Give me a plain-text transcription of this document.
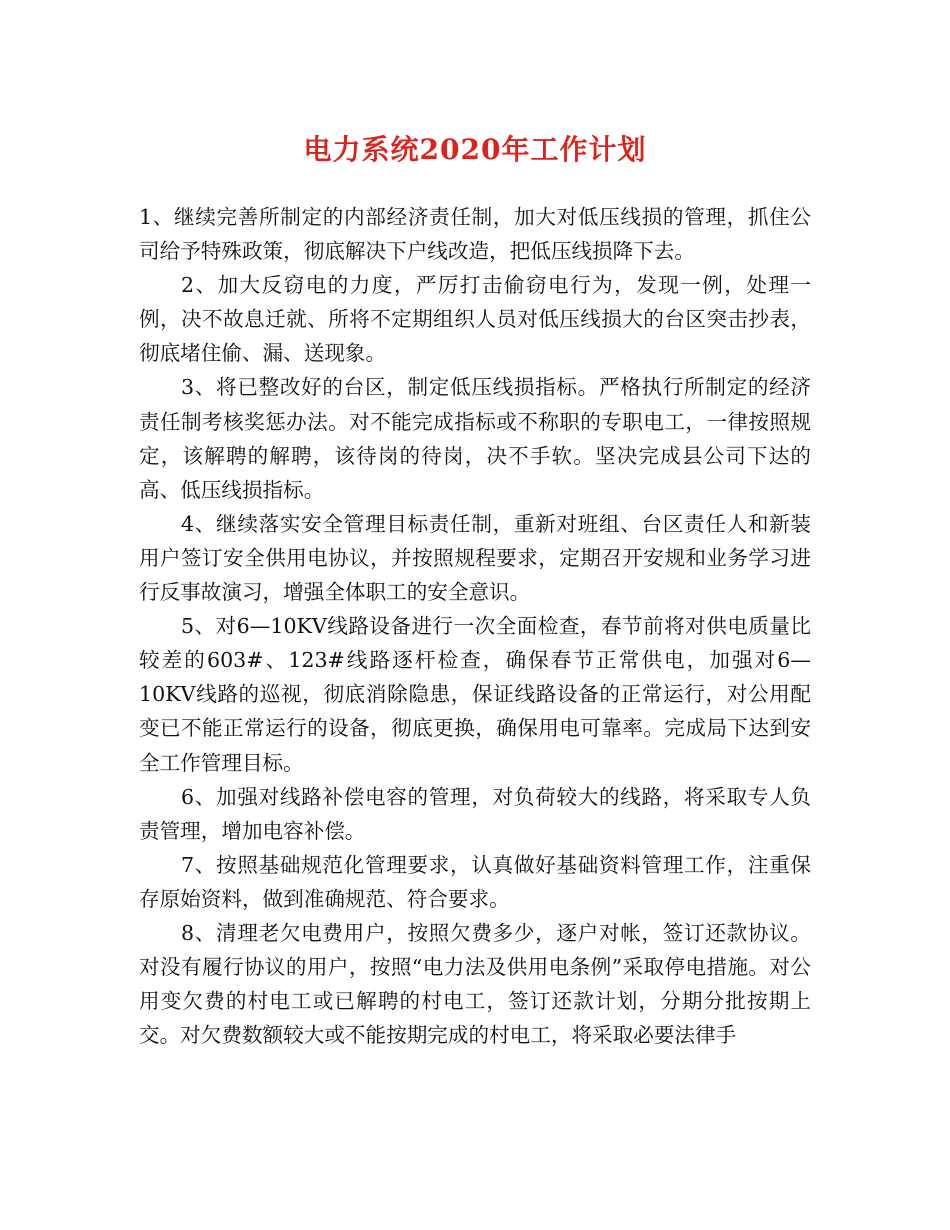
电力系统2020年工作计划

1、继续完善所制定的内部经济责任制，加大对低压线损的管理，抓住公司给予特殊政策，彻底解决下户线改造，把低压线损降下去。

2、加大反窃电的力度，严厉打击偷窃电行为，发现一例，处理一例，决不故息迁就、所将不定期组织人员对低压线损大的台区突击抄表，彻底堵住偷、漏、送现象。

3、将已整改好的台区，制定低压线损指标。严格执行所制定的经济责任制考核奖惩办法。对不能完成指标或不称职的专职电工，一律按照规定，该解聘的解聘，该待岗的待岗，决不手软。坚决完成县公司下达的高、低压线损指标。

4、继续落实安全管理目标责任制，重新对班组、台区责任人和新装用户签订安全供用电协议，并按照规程要求，定期召开安规和业务学习进行反事故演习，增强全体职工的安全意识。

5、对6—10KV线路设备进行一次全面检查，春节前将对供电质量比较差的603#、123#线路逐杆检查，确保春节正常供电，加强对6—10KV线路的巡视，彻底消除隐患，保证线路设备的正常运行，对公用配变已不能正常运行的设备，彻底更换，确保用电可靠率。完成局下达到安全工作管理目标。

6、加强对线路补偿电容的管理，对负荷较大的线路，将采取专人负责管理，增加电容补偿。

7、按照基础规范化管理要求，认真做好基础资料管理工作，注重保存原始资料，做到准确规范、符合要求。

8、清理老欠电费用户，按照欠费多少，逐户对帐，签订还款协议。对没有履行协议的用户，按照“电力法及供用电条例”采取停电措施。对公用变欠费的村电工或已解聘的村电工，签订还款计划，分期分批按期上交。对欠费数额较大或不能按期完成的村电工，将采取必要法律手
